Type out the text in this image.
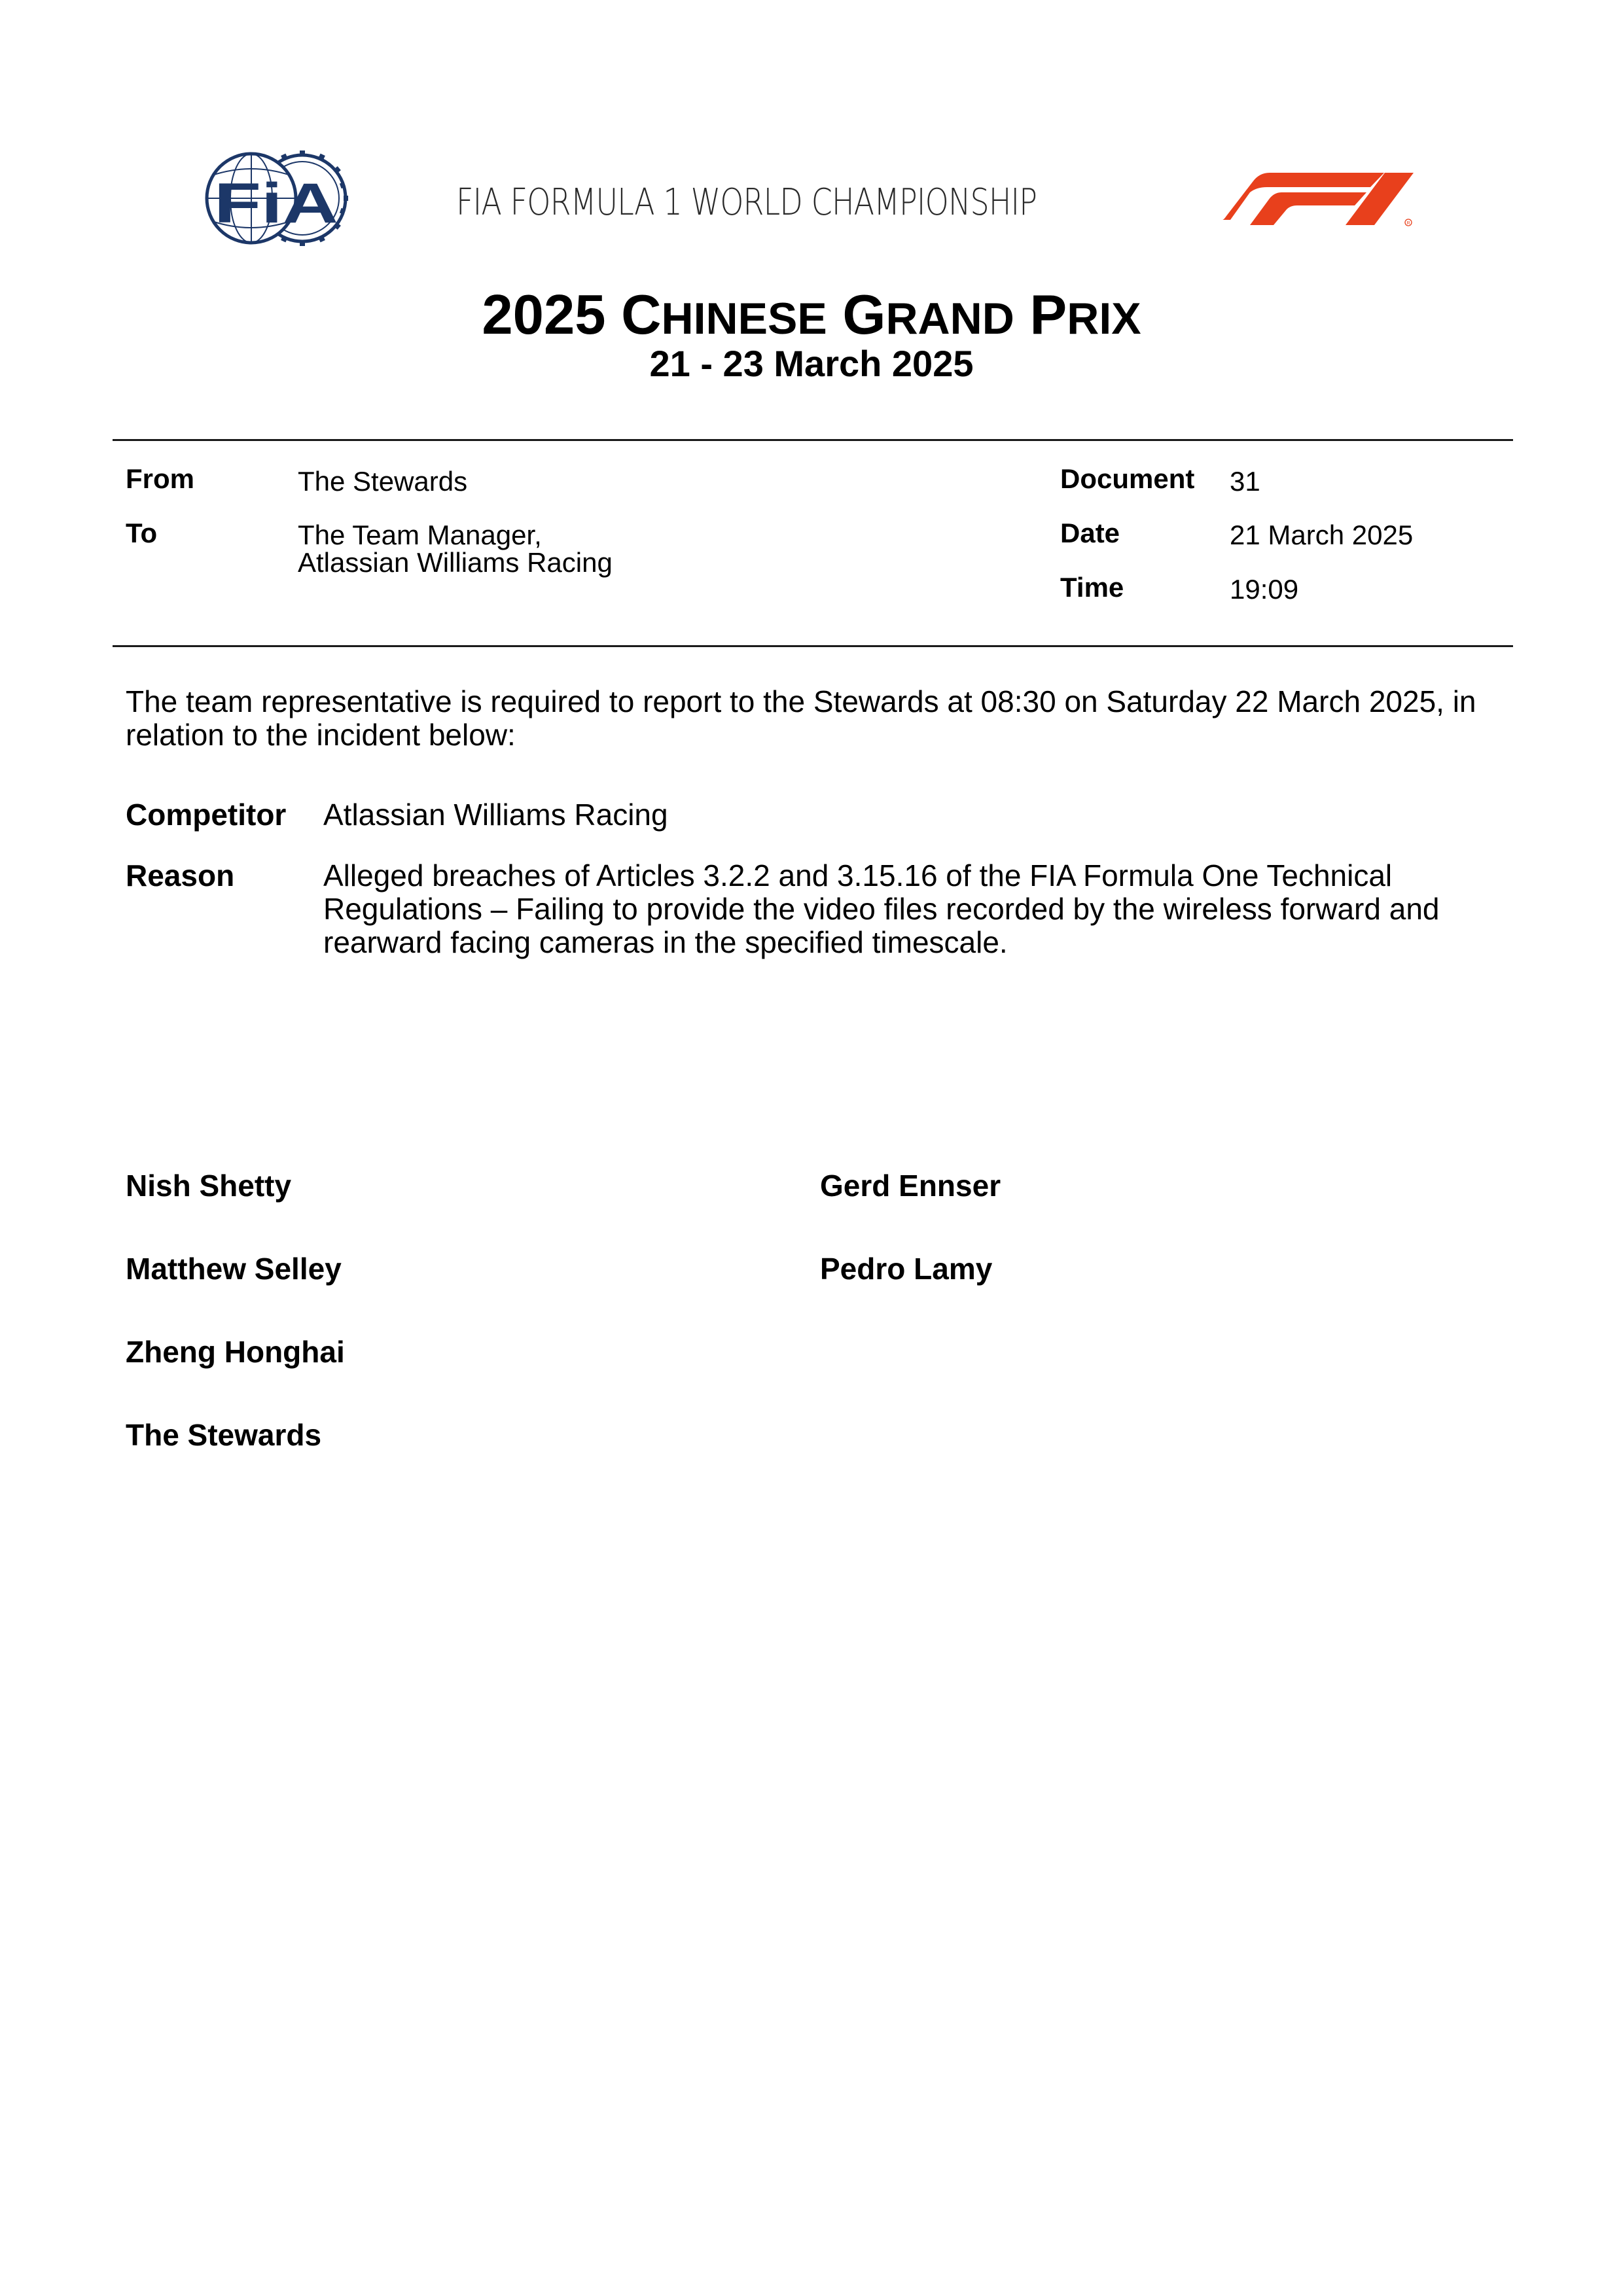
FiA	FIA FORMULA 1 WORLD CHAMPIONSHIP	R
2025 CHINESE GRAND PRIX
21 - 23 March 2025
From	The Stewards
To	The Team Manager,
Atlassian Williams Racing
Document 31
Date	21 March 2025
Time	19:09
The team representative is required to report to the Stewards at 08:30 on Saturday 22 March 2025, in relation to the incident below:
Competitor Atlassian Williams Racing
Reason	Alleged breaches of Articles 3.2.2 and 3.15.16 of the FIA Formula One Technical Regulations – Failing to provide the video files recorded by the wireless forward and rearward facing cameras in the specified timescale.
Nish Shetty
Matthew Selley
Zheng Honghai
The Stewards
Gerd Ennser
Pedro Lamy
